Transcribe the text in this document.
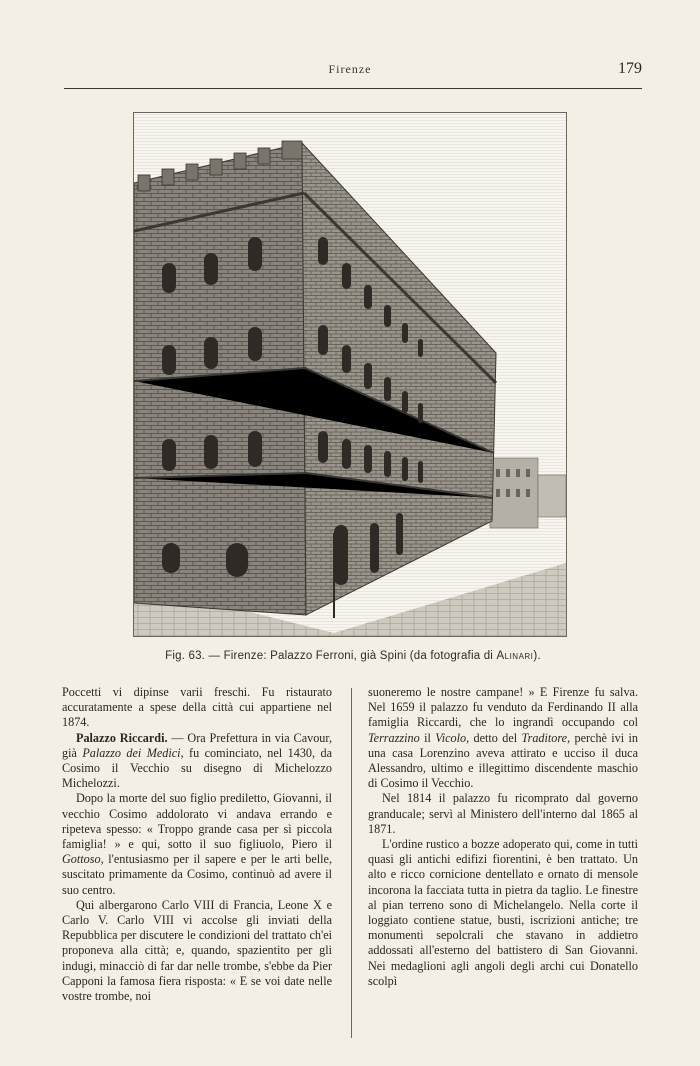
Firenze	179
Fig. 63. — Firenze: Palazzo Ferroni, già Spini (da fotografia di Alinari).

Poccetti vi dipinse varii freschi. Fu ristaurato accuratamente a spese della città cui appartiene nel 1874.

Palazzo Riccardi. — Ora Prefettura in via Cavour, già Palazzo dei Medici, fu cominciato, nel 1430, da Cosimo il Vecchio su disegno di Michelozzo Michelozzi.

Dopo la morte del suo figlio prediletto, Giovanni, il vecchio Cosimo addolorato vi andava errando e ripeteva spesso: « Troppo grande casa per sì piccola famiglia! » e qui, sotto il suo figliuolo, Piero il Gottoso, l'entusiasmo per il sapere e per le arti belle, suscitato primamente da Cosimo, continuò ad avere il suo centro.

Qui albergarono Carlo VIII di Francia, Leone X e Carlo V. Carlo VIII vi accolse gli inviati della Repubblica per discutere le condizioni del trattato ch'ei proponeva alla città; e, quando, spazientito per gli indugi, minacciò di far dar nelle trombe, s'ebbe da Pier Capponi la famosa fiera risposta: « E se voi date nelle vostre trombe, noi

suoneremo le nostre campane! » E Firenze fu salva. Nel 1659 il palazzo fu venduto da Ferdinando II alla famiglia Riccardi, che lo ingrandì occupando col Terrazzino il Vicolo, detto del Traditore, perchè ivi in una casa Lorenzino aveva attirato e ucciso il duca Alessandro, ultimo e illegittimo discendente maschio di Cosimo il Vecchio.

Nel 1814 il palazzo fu ricomprato dal governo granducale; servì al Ministero dell'interno dal 1865 al 1871.

L'ordine rustico a bozze adoperato qui, come in tutti quasi gli antichi edifizi fiorentini, è ben trattato. Un alto e ricco cornicione dentellato e ornato di mensole incorona la facciata tutta in pietra da taglio. Le finestre al pian terreno sono di Michelangelo. Nella corte il loggiato contiene statue, busti, iscrizioni antiche; tre monumenti sepolcrali che stavano in addietro addossati all'esterno del battistero di San Giovanni. Nei medaglioni agli angoli degli archi cui Donatello scolpì
